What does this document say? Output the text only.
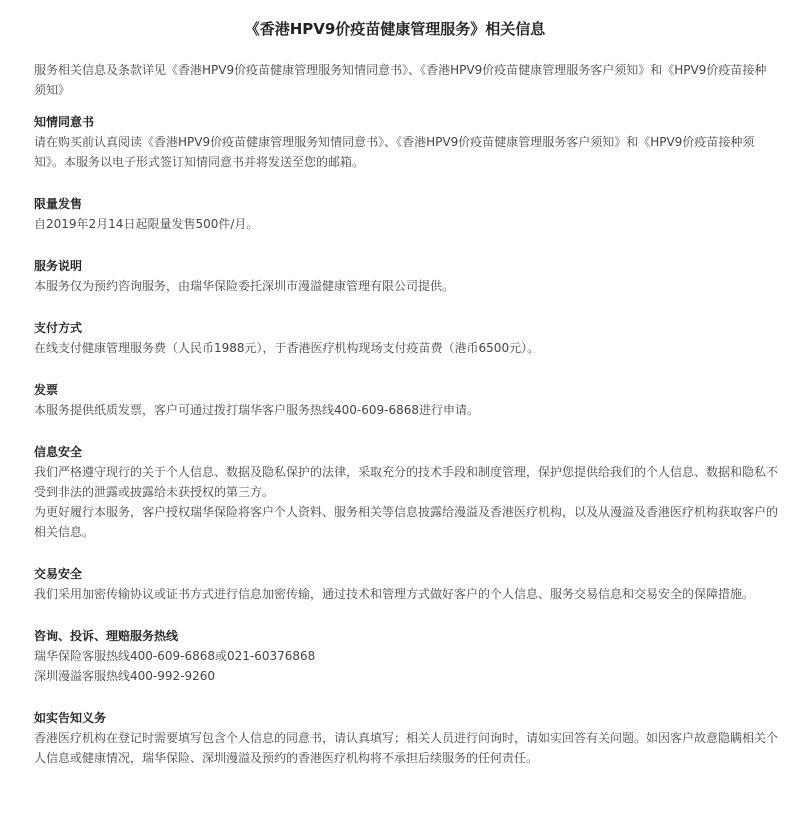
《香港HPV9价疫苗健康管理服务》相关信息

服务相关信息及条款详见《香港HPV9价疫苗健康管理服务知情同意书》、《香港HPV9价疫苗健康管理服务客户须知》和《HPV9价疫苗接种须知》

知情同意书

请在购买前认真阅读《香港HPV9价疫苗健康管理服务知情同意书》、《香港HPV9价疫苗健康管理服务客户须知》和《HPV9价疫苗接种须知》。本服务以电子形式签订知情同意书并将发送至您的邮箱。

限量发售

自2019年2月14日起限量发售500件/月。

服务说明

本服务仅为预约咨询服务，由瑞华保险委托深圳市漫溢健康管理有限公司提供。

支付方式

在线支付健康管理服务费（人民币1988元），于香港医疗机构现场支付疫苗费（港币6500元）。

发票

本服务提供纸质发票，客户可通过拨打瑞华客户服务热线400-609-6868进行申请。

信息安全

我们严格遵守现行的关于个人信息、数据及隐私保护的法律，采取充分的技术手段和制度管理，保护您提供给我们的个人信息、数据和隐私不受到非法的泄露或披露给未获授权的第三方。

为更好履行本服务，客户授权瑞华保险将客户个人资料、服务相关等信息披露给漫溢及香港医疗机构，以及从漫溢及香港医疗机构获取客户的相关信息。

交易安全

我们采用加密传输协议或证书方式进行信息加密传输，通过技术和管理方式做好客户的个人信息、服务交易信息和交易安全的保障措施。

咨询、投诉、理赔服务热线

瑞华保险客服热线400-609-6868或021-60376868

深圳漫溢客服热线400-992-9260

如实告知义务

香港医疗机构在登记时需要填写包含个人信息的同意书，请认真填写；相关人员进行问询时，请如实回答有关问题。如因客户故意隐瞒相关个人信息或健康情况，瑞华保险、深圳漫溢及预约的香港医疗机构将不承担后续服务的任何责任。
